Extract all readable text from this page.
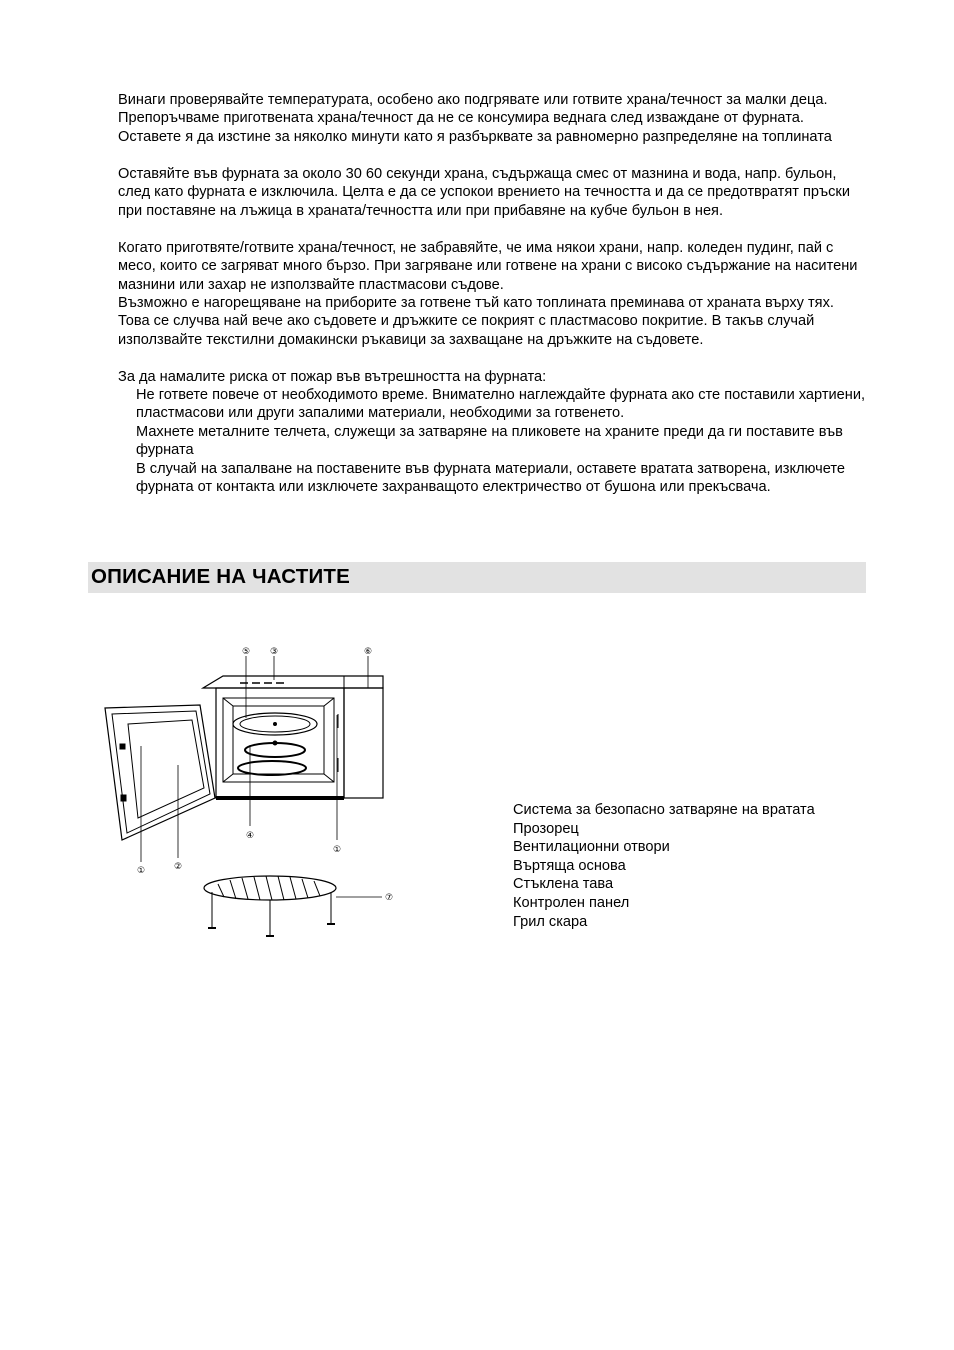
Винаги проверявайте температурата, особено ако подгрявате или готвите храна/течност за малки деца. Препоръчваме приготвената храна/течност да не се консумира веднага след изваждане от фурната. Оставете я да изстине за няколко минути като я разбърквате за равномерно разпределяне на топлината

Оставяйте във фурната за около 30 60 секунди храна, съдържаща смес от мазнина и вода, напр. бульон, след като фурната е изключила. Целта е да се успокои врението на течността и да се предотвратят пръски при поставяне на лъжица в храната/течността или при прибавяне на кубче бульон в нея.

Когато приготвяте/готвите храна/течност, не забравяйте, че има някои храни, напр. коледен пудинг, пай с месо, които се загряват много бързо. При загряване или готвене на храни с високо съдържание на наситени мазнини или захар не използвайте пластмасови съдове.

Възможно е нагорещяване на приборите за готвене тъй като топлината преминава от храната върху тях. Това се случва най вече ако съдовете и дръжките се покрият с пластмасово покритие. В такъв случай използвайте текстилни домакински ръкавици за захващане на дръжките на съдовете.

За да намалите риска от пожар във вътрешността на фурната:

Не гответе повече от необходимото време. Внимателно наглеждайте фурната ако сте поставили хартиени, пластмасови или други запалими материали, необходими за готвенето.

Махнете металните телчета, служещи за затваряне на пликовете на храните преди да ги поставите във фурната

В случай на запалване на поставените във фурната материали, оставете вратата затворена, изключете фурната от контакта или изключете захранващото електричество от бушона или прекъсвача.

ОПИСАНИЕ НА ЧАСТИТЕ
⑤ ③	⑥
④
①
①	②
⑦
Система за безопасно затваряне на вратата
Прозорец
Вентилационни отвори
Въртяща основа
Стъклена тава
Контролен панел
Грил скара
